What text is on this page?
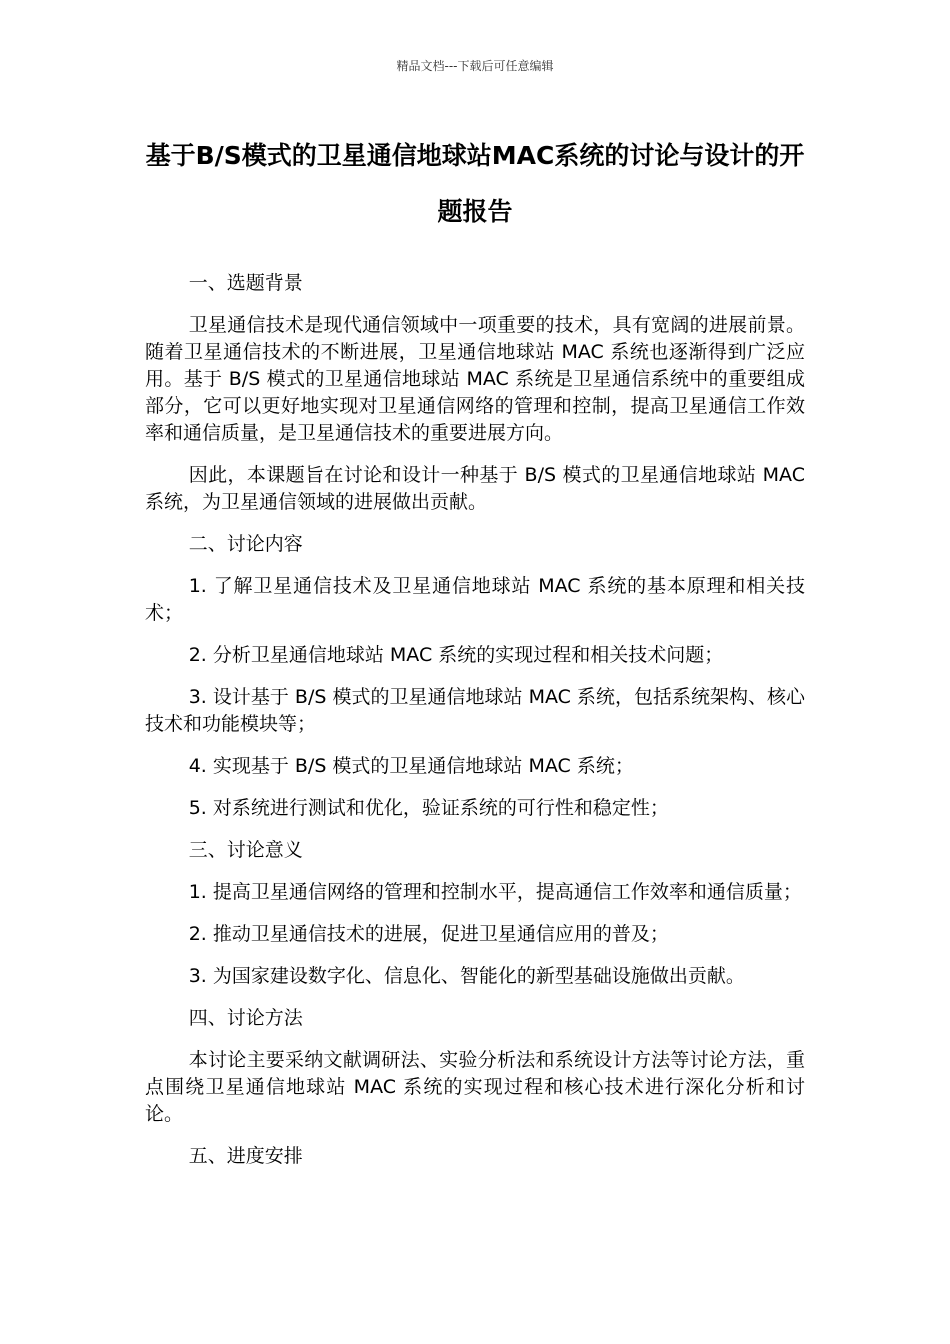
精品文档---下载后可任意编辑
基于B/S模式的卫星通信地球站MAC系统的讨论与设计的开题报告

一、选题背景

卫星通信技术是现代通信领域中一项重要的技术，具有宽阔的进展前景。随着卫星通信技术的不断进展，卫星通信地球站 MAC 系统也逐渐得到广泛应用。基于 B/S 模式的卫星通信地球站 MAC 系统是卫星通信系统中的重要组成部分，它可以更好地实现对卫星通信网络的管理和控制，提高卫星通信工作效率和通信质量，是卫星通信技术的重要进展方向。

因此，本课题旨在讨论和设计一种基于 B/S 模式的卫星通信地球站 MAC 系统，为卫星通信领域的进展做出贡献。

二、讨论内容

1. 了解卫星通信技术及卫星通信地球站 MAC 系统的基本原理和相关技术；

2. 分析卫星通信地球站 MAC 系统的实现过程和相关技术问题；

3. 设计基于 B/S 模式的卫星通信地球站 MAC 系统，包括系统架构、核心技术和功能模块等；

4. 实现基于 B/S 模式的卫星通信地球站 MAC 系统；

5. 对系统进行测试和优化，验证系统的可行性和稳定性；

三、讨论意义

1. 提高卫星通信网络的管理和控制水平，提高通信工作效率和通信质量；

2. 推动卫星通信技术的进展，促进卫星通信应用的普及；

3. 为国家建设数字化、信息化、智能化的新型基础设施做出贡献。

四、讨论方法

本讨论主要采纳文献调研法、实验分析法和系统设计方法等讨论方法，重点围绕卫星通信地球站 MAC 系统的实现过程和核心技术进行深化分析和讨论。

五、进度安排
